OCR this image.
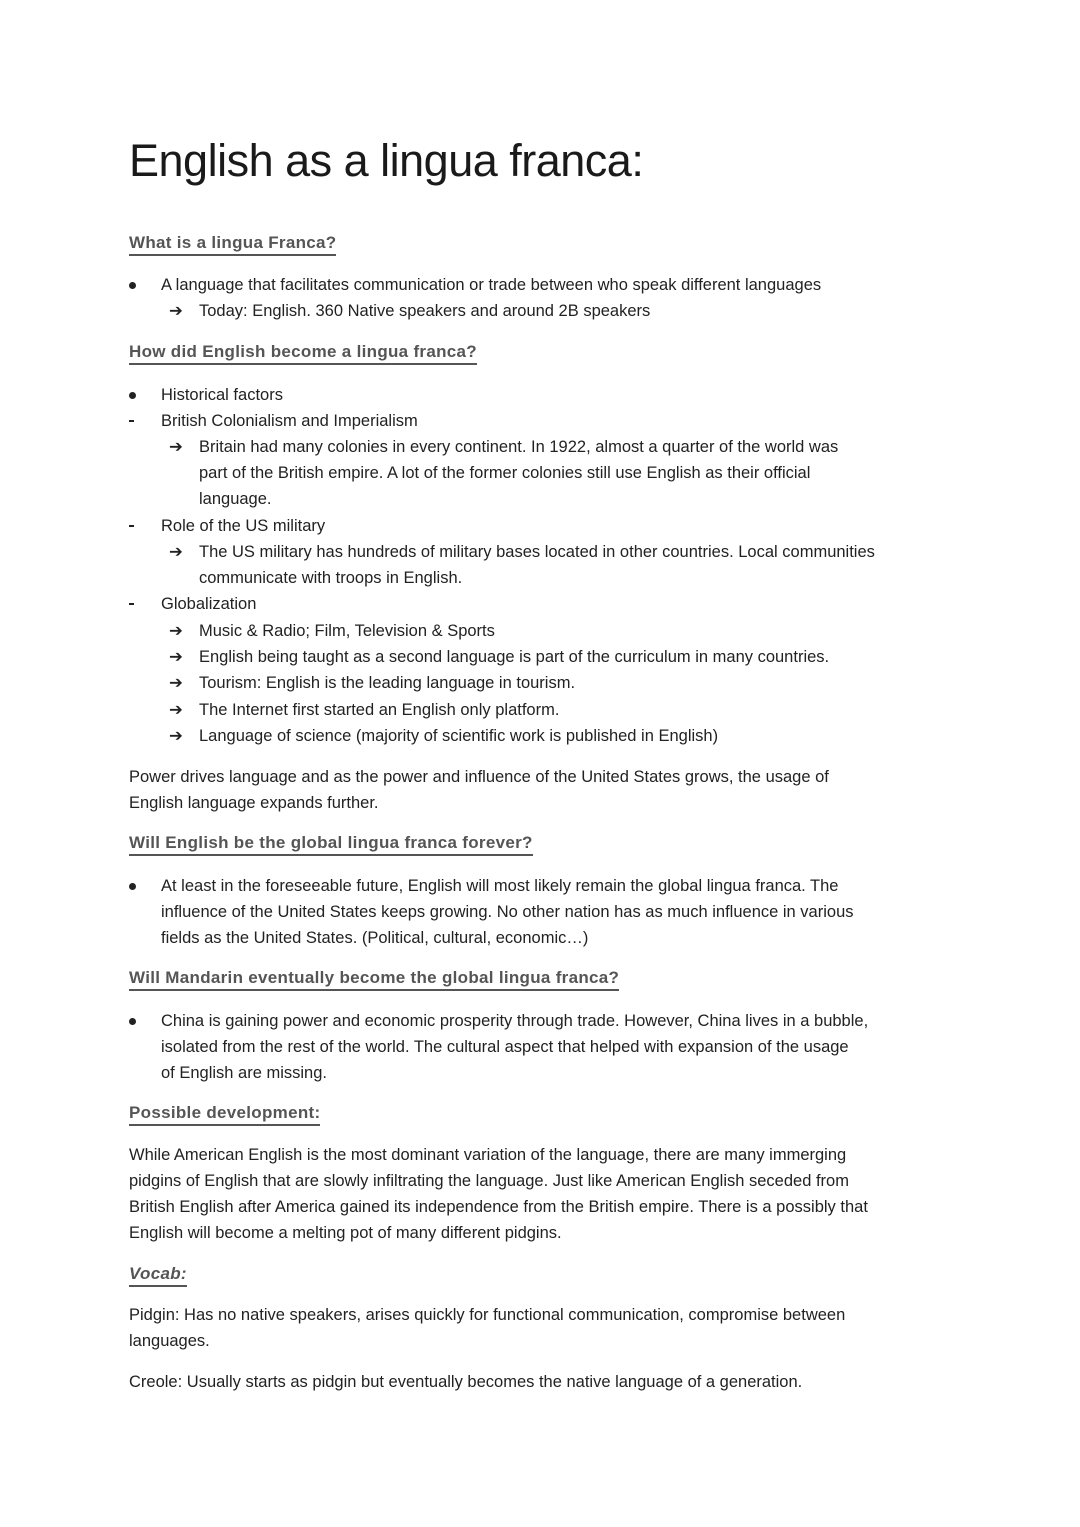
English as a lingua franca:
What is a lingua Franca?
A language that facilitates communication or trade between who speak different languages
➔ Today: English. 360 Native speakers and around 2B speakers
How did English become a lingua franca?
Historical factors
British Colonialism and Imperialism
➔ Britain had many colonies in every continent. In 1922, almost a quarter of the world was
part of the British empire. A lot of the former colonies still use English as their official
language.
Role of the US military
➔ The US military has hundreds of military bases located in other countries. Local communities
communicate with troops in English.
Globalization
➔ Music & Radio; Film, Television & Sports
➔ English being taught as a second language is part of the curriculum in many countries.
➔ Tourism: English is the leading language in tourism.
➔ The Internet first started an English only platform.
➔ Language of science (majority of scientific work is published in English)
Power drives language and as the power and influence of the United States grows, the usage of
English language expands further.
Will English be the global lingua franca forever?
At least in the foreseeable future, English will most likely remain the global lingua franca. The
influence of the United States keeps growing. No other nation has as much influence in various
fields as the United States. (Political, cultural, economic…)
Will Mandarin eventually become the global lingua franca?
China is gaining power and economic prosperity through trade. However, China lives in a bubble,
isolated from the rest of the world. The cultural aspect that helped with expansion of the usage
of English are missing.
Possible development:
While American English is the most dominant variation of the language, there are many immerging
pidgins of English that are slowly infiltrating the language. Just like American English seceded from
British English after America gained its independence from the British empire. There is a possibly that
English will become a melting pot of many different pidgins.
Vocab:
Pidgin: Has no native speakers, arises quickly for functional communication, compromise between
languages.
Creole: Usually starts as pidgin but eventually becomes the native language of a generation.
